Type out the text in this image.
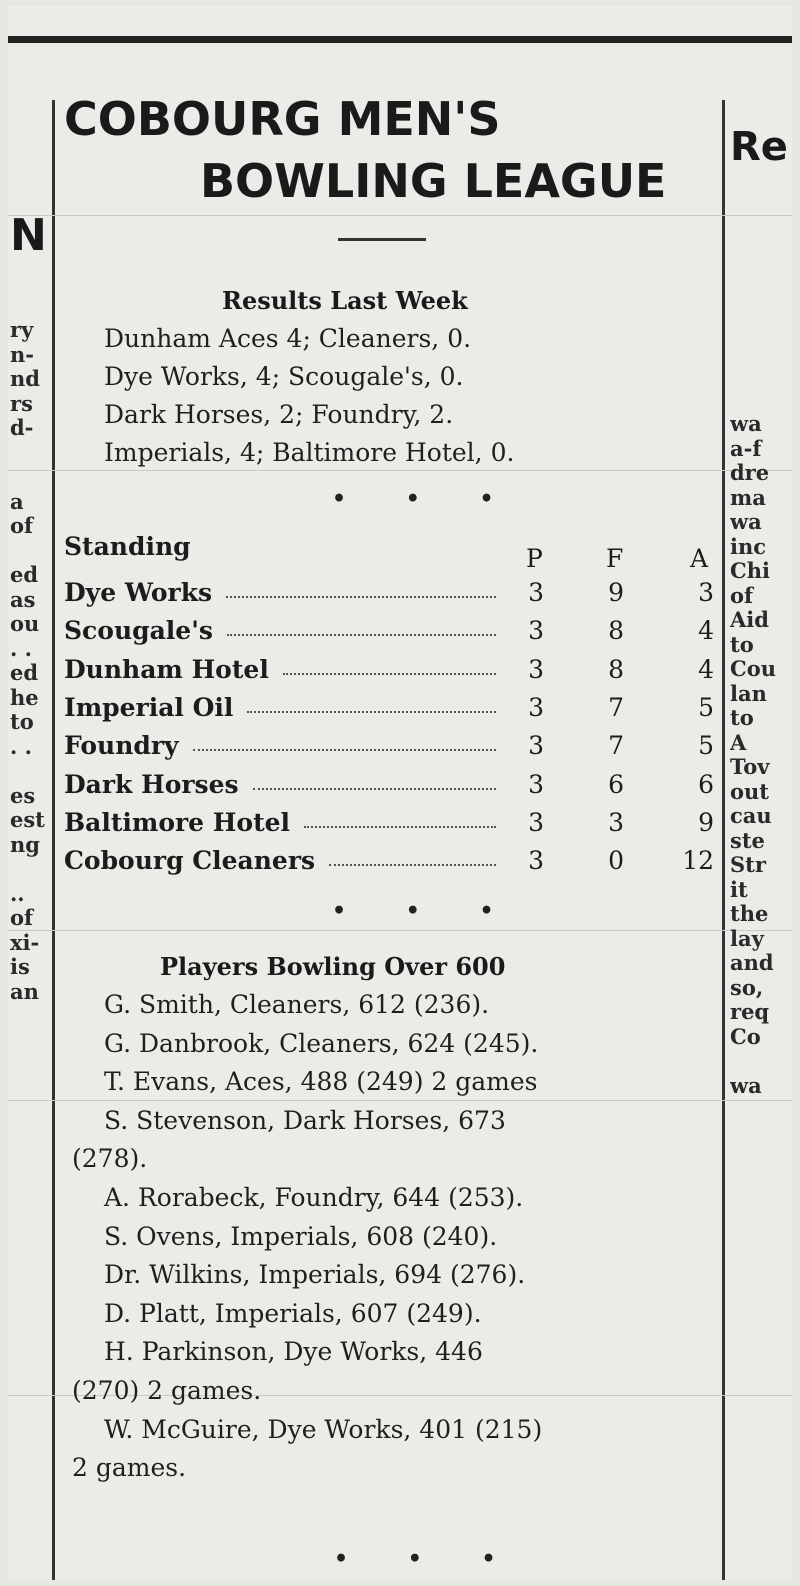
N
ry
n-
nd
rs
d-
a
of
ed
as
ou
. .
ed
he
to
. .
es
est
ng
..
of
xi-
is
an
Re
wa
a-f
dre
ma
wa
inc
Chi
of
Aid
to
Cou
lan
to
A
Tov
out
cau
ste
Str
it
the
lay
and
so,
req
Co
wa
COBOURG MEN'S
BOWLING LEAGUE
Results Last Week
Dunham Aces 4; Cleaners, 0.
Dye Works, 4; Scougale's, 0.
Dark Horses, 2; Foundry, 2.
Imperials, 4; Baltimore Hotel, 0.
• • •
Standing	P	F	A
Dye Works	3	9	3
Scougale's	3	8	4
Dunham Hotel	3	8	4
Imperial Oil	3	7	5
Foundry	3	7	5
Dark Horses	3	6	6
Baltimore Hotel	3	3	9
Cobourg Cleaners	3	0	12
• • •
Players Bowling Over 600
G. Smith, Cleaners, 612 (236).
G. Danbrook, Cleaners, 624 (245).
T. Evans, Aces, 488 (249) 2 games
S. Stevenson, Dark Horses, 673
(278).
A. Rorabeck, Foundry, 644 (253).
S. Ovens, Imperials, 608 (240).
Dr. Wilkins, Imperials, 694 (276).
D. Platt, Imperials, 607 (249).
H. Parkinson, Dye Works, 446
(270) 2 games.
W. McGuire, Dye Works, 401 (215)
2 games.
• • •
